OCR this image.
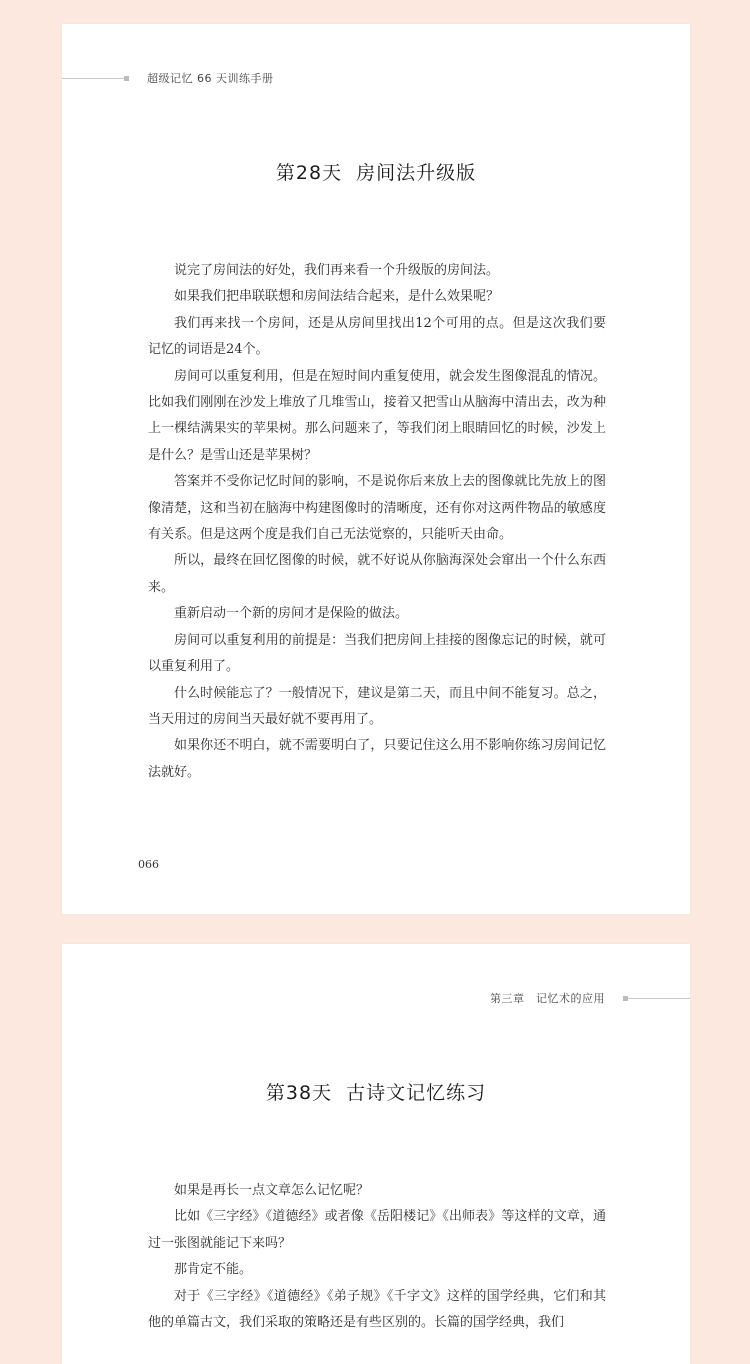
超级记忆 66 天训练手册
第28天 房间法升级版

说完了房间法的好处，我们再来看一个升级版的房间法。

如果我们把串联联想和房间法结合起来，是什么效果呢？

我们再来找一个房间，还是从房间里找出12个可用的点。但是这次我们要记忆的词语是24个。

房间可以重复利用，但是在短时间内重复使用，就会发生图像混乱的情况。比如我们刚刚在沙发上堆放了几堆雪山，接着又把雪山从脑海中清出去，改为种上一棵结满果实的苹果树。那么问题来了，等我们闭上眼睛回忆的时候，沙发上是什么？是雪山还是苹果树？

答案并不受你记忆时间的影响，不是说你后来放上去的图像就比先放上的图像清楚，这和当初在脑海中构建图像时的清晰度，还有你对这两件物品的敏感度有关系。但是这两个度是我们自己无法觉察的，只能听天由命。

所以，最终在回忆图像的时候，就不好说从你脑海深处会窜出一个什么东西来。

重新启动一个新的房间才是保险的做法。

房间可以重复利用的前提是：当我们把房间上挂接的图像忘记的时候，就可以重复利用了。

什么时候能忘了？一般情况下，建议是第二天，而且中间不能复习。总之，当天用过的房间当天最好就不要再用了。

如果你还不明白，就不需要明白了，只要记住这么用不影响你练习房间记忆法就好。

066
第三章　记忆术的应用
第38天 古诗文记忆练习

如果是再长一点文章怎么记忆呢？

比如《三字经》《道德经》或者像《岳阳楼记》《出师表》等这样的文章，通过一张图就能记下来吗？

那肯定不能。

对于《三字经》《道德经》《弟子规》《千字文》这样的国学经典，它们和其他的单篇古文，我们采取的策略还是有些区别的。长篇的国学经典，我们
